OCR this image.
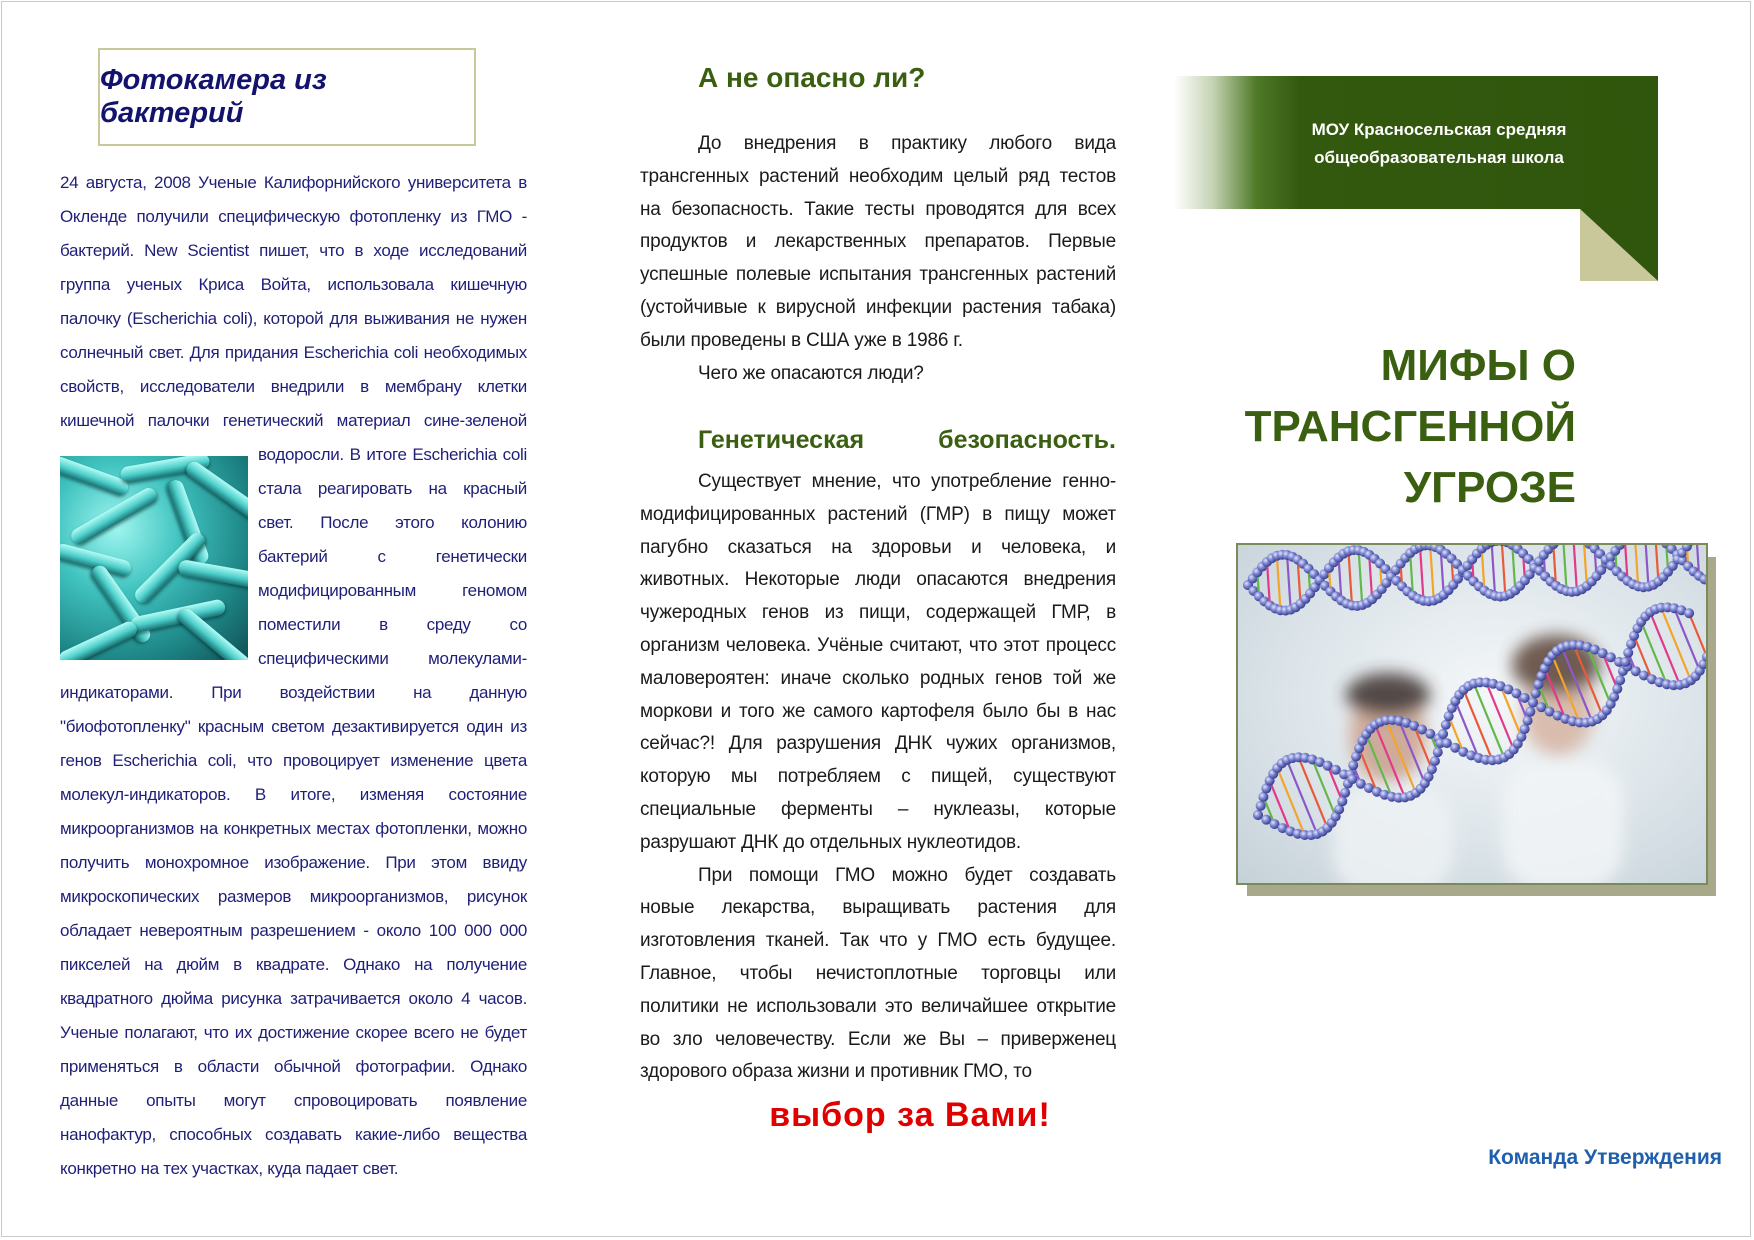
Фотокамера из бактерий
24 августа, 2008 Ученые Калифорнийского университета в Окленде получили специфическую фотопленку из ГМО - бактерий. New Scientist пишет, что в ходе исследований группа ученых Криса Войта, использовала кишечную палочку (Escherichia coli), которой для выживания не нужен солнечный свет. Для придания Escherichia coli необходимых свойств, исследователи внедрили в мембрану клетки кишечной палочки генетический материал сине-зеленой водоросли. В итоге Escherichia coli стала реагировать на красный свет. После этого колонию бактерий с генетически модифицированным геномом поместили в среду со специфическими молекулами-индикаторами. При воздействии на данную "биофотопленку" красным светом дезактивируется один из генов Escherichia coli, что провоцирует изменение цвета молекул-индикаторов. В итоге, изменяя состояние микроорганизмов на конкретных местах фотопленки, можно получить монохромное изображение. При этом ввиду микроскопических размеров микроорганизмов, рисунок обладает невероятным разрешением - около 100 000 000 пикселей на дюйм в квадрате. Однако на получение квадратного дюйма рисунка затрачивается около 4 часов. Ученые полагают, что их достижение скорее всего не будет применяться в области обычной фотографии. Однако данные опыты могут спровоцировать появление нанофактур, способных создавать какие-либо вещества конкретно на тех участках, куда падает свет.
А не опасно ли?

До внедрения в практику любого вида трансгенных растений необходим целый ряд тестов на безопасность. Такие тесты проводятся для всех продуктов и лекарственных препаратов. Первые успешные полевые испытания трансгенных растений (устойчивые к вирусной инфекции растения табака) были проведены в США уже в 1986 г.

Чего же опасаются люди?

Генетическая	безопасность.

Существует мнение, что употребление генно-модифицированных растений (ГМР) в пищу может пагубно сказаться на здоровьи и человека, и животных. Некоторые люди опасаются внедрения чужеродных генов из пищи, содержащей ГМР, в организм человека. Учёные считают, что этот процесс маловероятен: иначе сколько родных генов той же моркови и того же самого картофеля было бы в нас сейчас?! Для разрушения ДНК чужих организмов, которую мы потребляем с пищей, существуют специальные ферменты – нуклеазы, которые разрушают ДНК до отдельных нуклеотидов.

При помощи ГМО можно будет создавать новые лекарства, выращивать растения для изготовления тканей. Так что у ГМО есть будущее. Главное, чтобы нечистоплотные торговцы или политики не использовали это величайшее открытие во зло человечеству. Если же Вы – приверженец здорового образа жизни и противник ГМО, то

выбор за Вами!
МОУ Красносельская средняя
общеобразовательная школа
МИФЫ О
ТРАНСГЕННОЙ
УГРОЗЕ
Команда Утверждения
